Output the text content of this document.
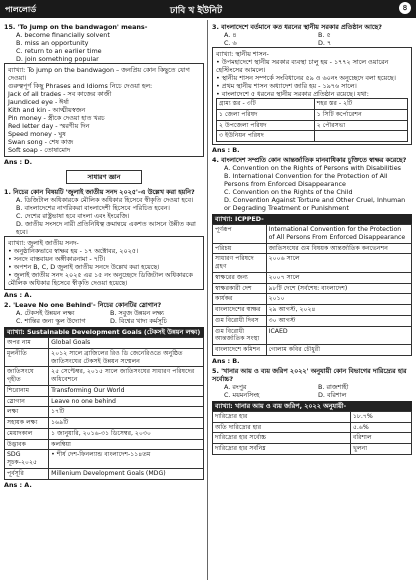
পাললোর্ড	ঢাবি খ ইউনিট	৪
15. 'To jump on the bandwagon' means-
A. become financially solvent
B. miss an opportunity
C. return to an earlier time
D. join something popular
ব্যাখ্যা: To jump on the bandwagon – জনপ্রিয় কোন কিছুতে যোগ দেওয়া।
গুরুত্বপূর্ণ কিছু Phrases and Idioms নিচে দেওয়া হল:
Jack of all trades - সব কাজের কাজী
Jaundiced eye - ঈর্ষা
Kith and kin - আত্মীয়স্বজন
Pin money - স্ত্রীকে দেওয়া হাত খরচ
Red letter day - স্মরণীয় দিন
Speed money - ঘুষ
Swan song - শেষ কাজ
Soft soap - তোষামোদ
Ans : D.
সাধারণ জ্ঞান
1. নিচের কোন বিষয়টি 'জুলাই জাতীয় সনদ ২০২৫'-এ উল্লেখ করা হয়নি?
A. ডিজিটাল অধিকারকে মৌলিক অধিকার হিসেবে স্বীকৃতি দেওয়া হবে।
B. বাংলাদেশের নাগরিকরা বাংলাদেশী হিসেবে পরিচিত হবেন।
C. দেশের রাষ্ট্রভাষা হবে বাংলা এবং ইংরেজি।
D. জাতীয় সংসদে নারী প্রতিনিধিত্ব ক্রমান্বয়ে একশত আসনে উন্নীত করা হবে।
ব্যাখ্যা: জুলাই জাতীয় সনদ-
• অনুষ্ঠানিকভাবে স্বাক্ষর হয় - ১৭ অক্টোবর, ২০২৫।
• সনদে বাস্তবায়ন অঙ্গীকারনামা - ৭টি।
• অপশন B, C, D জুলাই জাতীয় সনদে উল্লেখ করা হয়েছে।
• জুলাই জাতীয় সনদ ২০২৫ এর ১৫ নং অনুচ্ছেদে ডিজিটাল অধিকারকে মৌলিক অধিকার হিসেবে স্বীকৃতি দেওয়া হয়েছে।
Ans : A.
2. 'Leave No one Behind'- নিচের কোনটির স্লোগান?
A. টেকসই উন্নয়ন লক্ষ্য	B. সবুজ উন্নয়ন লক্ষ্য
C. শান্তির জন্য স্কুল উদ্যোগ	D. বিশ্বের খাদ্য কর্মসূচি
ব্যাখ্যা: Sustainable Development Goals (টেকসই উন্নয়ন লক্ষ্য)
অপর নাম	Global Goals
মূলনীতি	২০১২ সালে ব্রাজিলের রিও ডি জেনেরিওতে অনুষ্ঠিত জাতিসংঘের টেকসই উন্নয়ন সম্মেলন
জাতিসংঘে গৃহীত	২৫ সেপ্টেম্বর, ২০১৫ সালে জাতিসংঘের সাধারণ পরিষদের অধিবেশনে
শিরোনাম	Transforming Our World
স্লোগান	Leave no one behind
লক্ষ্য	১৭টি
সহায়ক লক্ষ্য	১৬৯টি
মেয়াদকাল	১ জানুয়ারি, ২০১৬-৩১ ডিসেম্বর, ২০৩০
উদ্ভাবক	কলম্বিয়া
SDG সূচক-২০২৫	• শীর্ষ দেশ-ফিনল্যান্ড বাংলাদেশ-১১৪তম
পূর্বসূরি	Millenium Development Goals (MDG)
Ans : A.
3. বাংলাদেশে বর্তমানে কত ধরনের স্থানীয় সরকার প্রতিষ্ঠান আছে?
A. ৪	B. ৫
C. ৬	D. ৭
ব্যাখ্যা: স্থানীয় শাসন-
• উপমহাদেশে স্থানীয় সরকার ব্যবস্থা চালু হয় - ১৭৭২ সালে ওয়ারেন হেস্টিংসের আমলে।
• স্থানীয় শাসন সম্পর্কে সংবিধানের ৫৯ ও ৬০নং অনুচ্ছেদে বলা হয়েছে।
• প্রথম স্থানীয় শাসন অধ্যাদেশ জারি হয় - ১৯৭৬ সালে।
• বাংলাদেশে ৫ ধরনের স্থানীয় সরকার প্রতিষ্ঠান রয়েছে। যথা:
গ্রাম্য স্তর - ৩টি	শহর স্তর - ২টি
১ জেলা পরিষদ	১ সিটি কর্পোরেশন
২ উপজেলা পরিষদ	২ পৌরসভা
৩ ইউনিয়ন পরিষদ	
Ans : B.
4. বাংলাদেশ সম্প্রতি কোন আন্তর্জাতিক মানবাধিকার চুক্তিতে স্বাক্ষর করেছে?
A. Convention on the Rights of Persons with Disabilities
B. International Convention for the Protection of All Persons from Enforced Disappearance
C. Convention on the Rights of the Child
D. Convention Against Torture and Other Cruel, Inhuman or Degrading Treatment or Punishment
ব্যাখ্যা: ICPPED-
পূর্ণরূপ	International Convention for the Protection of All Persons From Enforced Disappearance
পরিচয়	জাতিসংঘের গুম বিষয়ক আন্তর্জাতিক কনভেনশন
সাধারণ পরিষদে গ্রহণ	২০০৬ সালে
স্বাক্ষরের জন্য	২০০৭ সালে
স্বাক্ষরকারী দেশ	৯৮টি দেশে (সর্বশেষ: বাংলাদেশ)
কার্যকর	২০১০
বাংলাদেশের স্বাক্ষর	২৯ আগস্ট, ২০২৪
গুম বিরোধী দিবস	৩০ আগস্ট
গুম বিরোধী আন্তর্জাতিক সংস্থা	ICAED
বাংলাদেশে কমিশন	গোলাম কবির চৌধুরী
Ans : B.
5. 'খানার আয় ও ব্যয় জরিপ ২০২২' অনুযায়ী কোন বিভাগের দারিদ্র্যের হার সর্বোচ্চ?
A. রংপুর	B. রাজশাহী
C. ময়মনসিংহ	D. বরিশাল
ব্যাখ্যা: খানার আয় ও ব্যয় জরিপ, ২০২২ অনুযায়ী-
দারিদ্র্যের হার	১৮.৭%
অতি দারিদ্র্যের হার	৫.৬%
দারিদ্র্যের হার সর্বোচ্চ	বরিশাল
দারিদ্র্যের হার সর্বনিম্ন	খুলনা
